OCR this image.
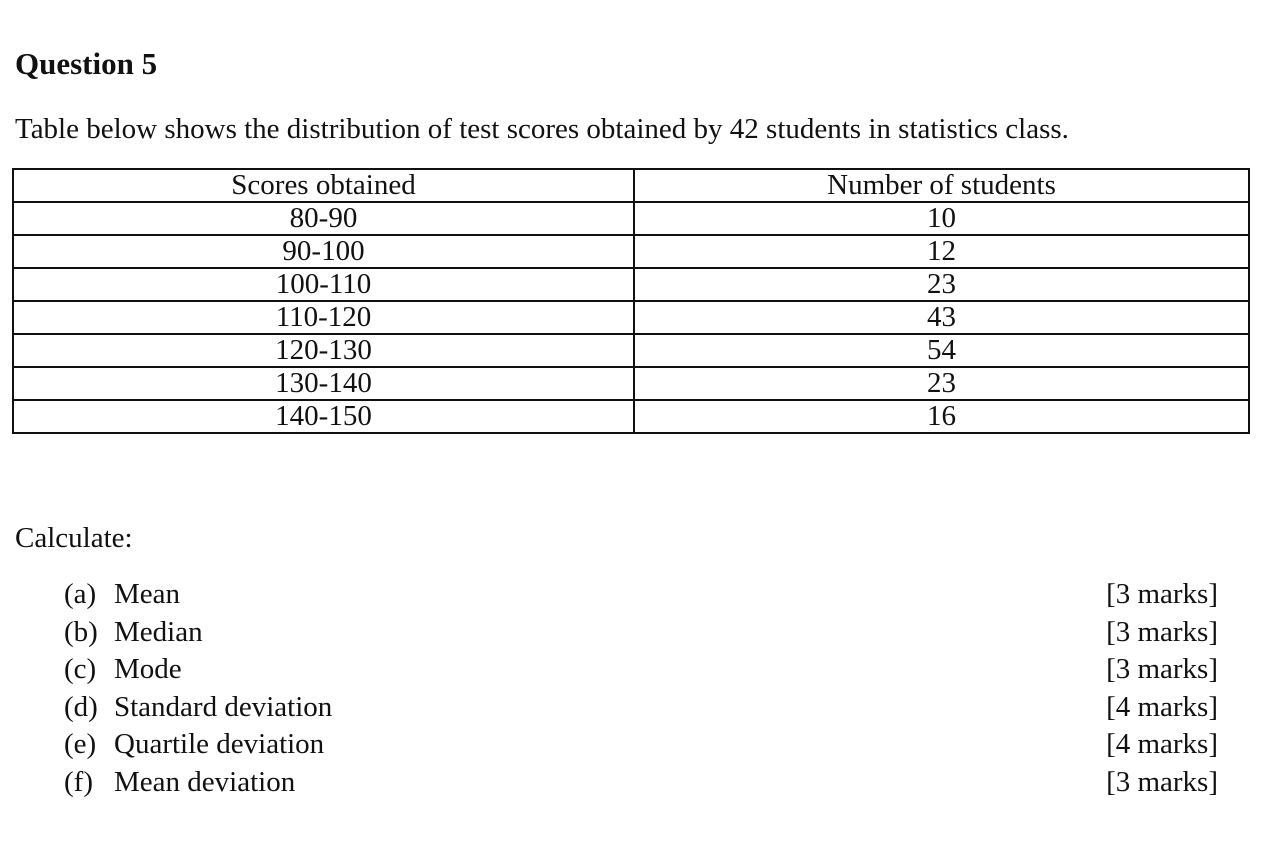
Question 5

Table below shows the distribution of test scores obtained by 42 students in statistics class.

Scores obtained	Number of students
80-90	10
90-100	12
100-110	23
110-120	43
120-130	54
130-140	23
140-150	16

Calculate:

(a) Mean	[3 marks]
(b) Median	[3 marks]
(c) Mode	[3 marks]
(d) Standard deviation	[4 marks]
(e) Quartile deviation	[4 marks]
(f) Mean deviation	[3 marks]
